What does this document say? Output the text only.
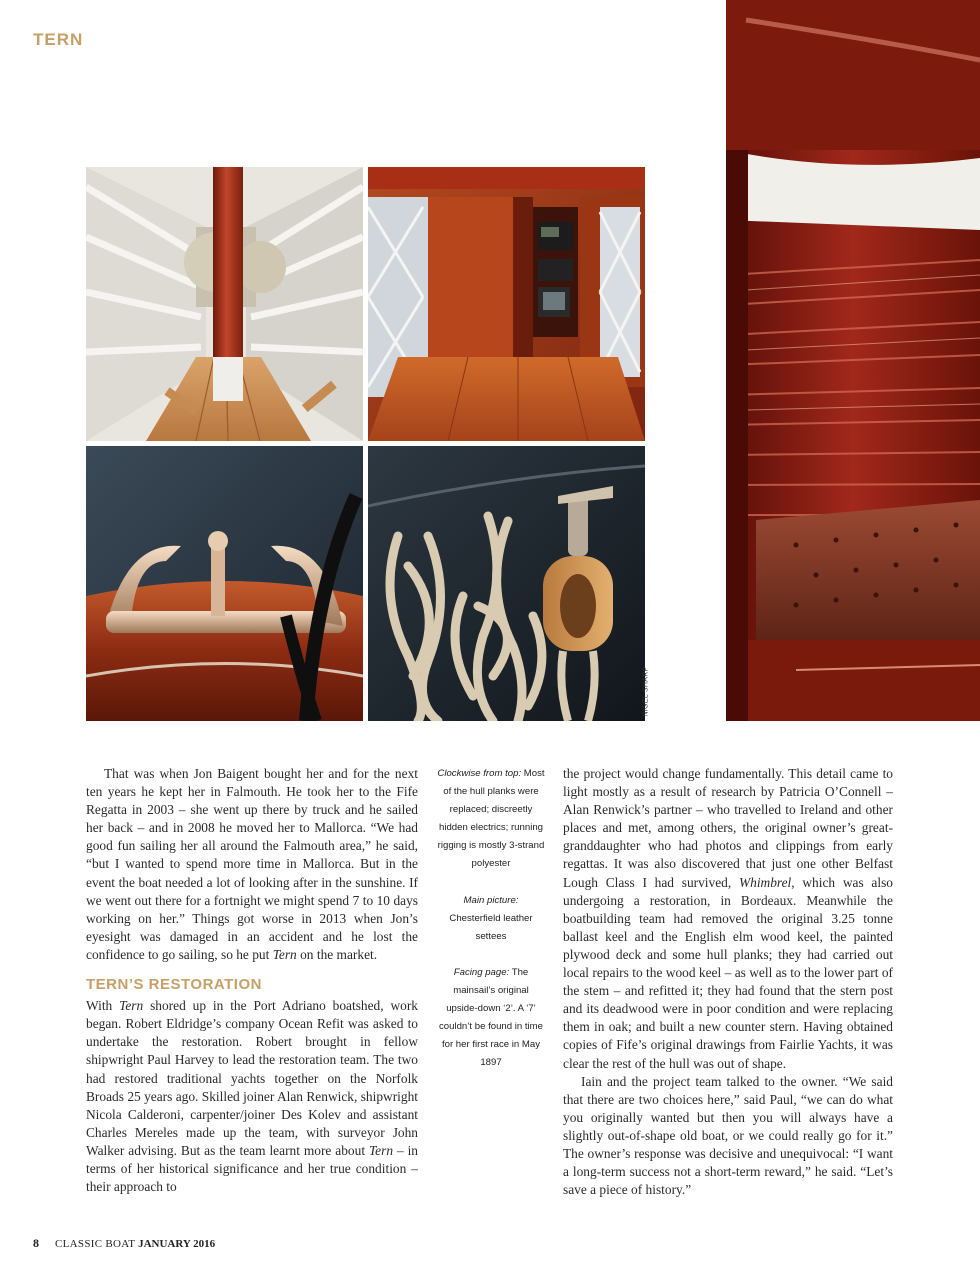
TERN
NIGEL SHARP

That was when Jon Baigent bought her and for the next ten years he kept her in Falmouth. He took her to the Fife Regatta in 2003 – she went up there by truck and he sailed her back – and in 2008 he moved her to Mallorca. “We had good fun sailing her all around the Falmouth area,” he said, “but I wanted to spend more time in Mallorca. But in the event the boat needed a lot of looking after in the sunshine. If we went out there for a fortnight we might spend 7 to 10 days working on her.” Things got worse in 2013 when Jon’s eyesight was damaged in an accident and he lost the confidence to go sailing, so he put Tern on the market.

TERN’S RESTORATION

With Tern shored up in the Port Adriano boatshed, work began. Robert Eldridge’s company Ocean Refit was asked to undertake the restoration. Robert brought in fellow shipwright Paul Harvey to lead the restoration team. The two had restored traditional yachts together on the Norfolk Broads 25 years ago. Skilled joiner Alan Renwick, shipwright Nicola Calderoni, carpenter/joiner Des Kolev and assistant Charles Mereles made up the team, with surveyor John Walker advising. But as the team learnt more about Tern – in terms of her historical significance and her true condition – their approach to

Clockwise from top: Most of the hull planks were replaced; discreetly hidden electrics; running rigging is mostly 3-strand polyester

Main picture: Chesterfield leather settees

Facing page: The mainsail’s original upside-down ‘2’. A ‘7’ couldn’t be found in time for her first race in May 1897

the project would change fundamentally. This detail came to light mostly as a result of research by Patricia O’Connell – Alan Renwick’s partner – who travelled to Ireland and other places and met, among others, the original owner’s great-granddaughter who had photos and clippings from early regattas. It was also discovered that just one other Belfast Lough Class I had survived, Whimbrel, which was also undergoing a restoration, in Bordeaux. Meanwhile the boatbuilding team had removed the original 3.25 tonne ballast keel and the English elm wood keel, the painted plywood deck and some hull planks; they had carried out local repairs to the wood keel – as well as to the lower part of the stem – and refitted it; they had found that the stern post and its deadwood were in poor condition and were replacing them in oak; and built a new counter stern. Having obtained copies of Fife’s original drawings from Fairlie Yachts, it was clear the rest of the hull was out of shape.

Iain and the project team talked to the owner. “We said that there are two choices here,” said Paul, “we can do what you originally wanted but then you will always have a slightly out-of-shape old boat, or we could really go for it.” The owner’s response was decisive and unequivocal: “I want a long-term success not a short-term reward,” he said. “Let’s save a piece of history.”

8 CLASSIC BOAT JANUARY 2016
